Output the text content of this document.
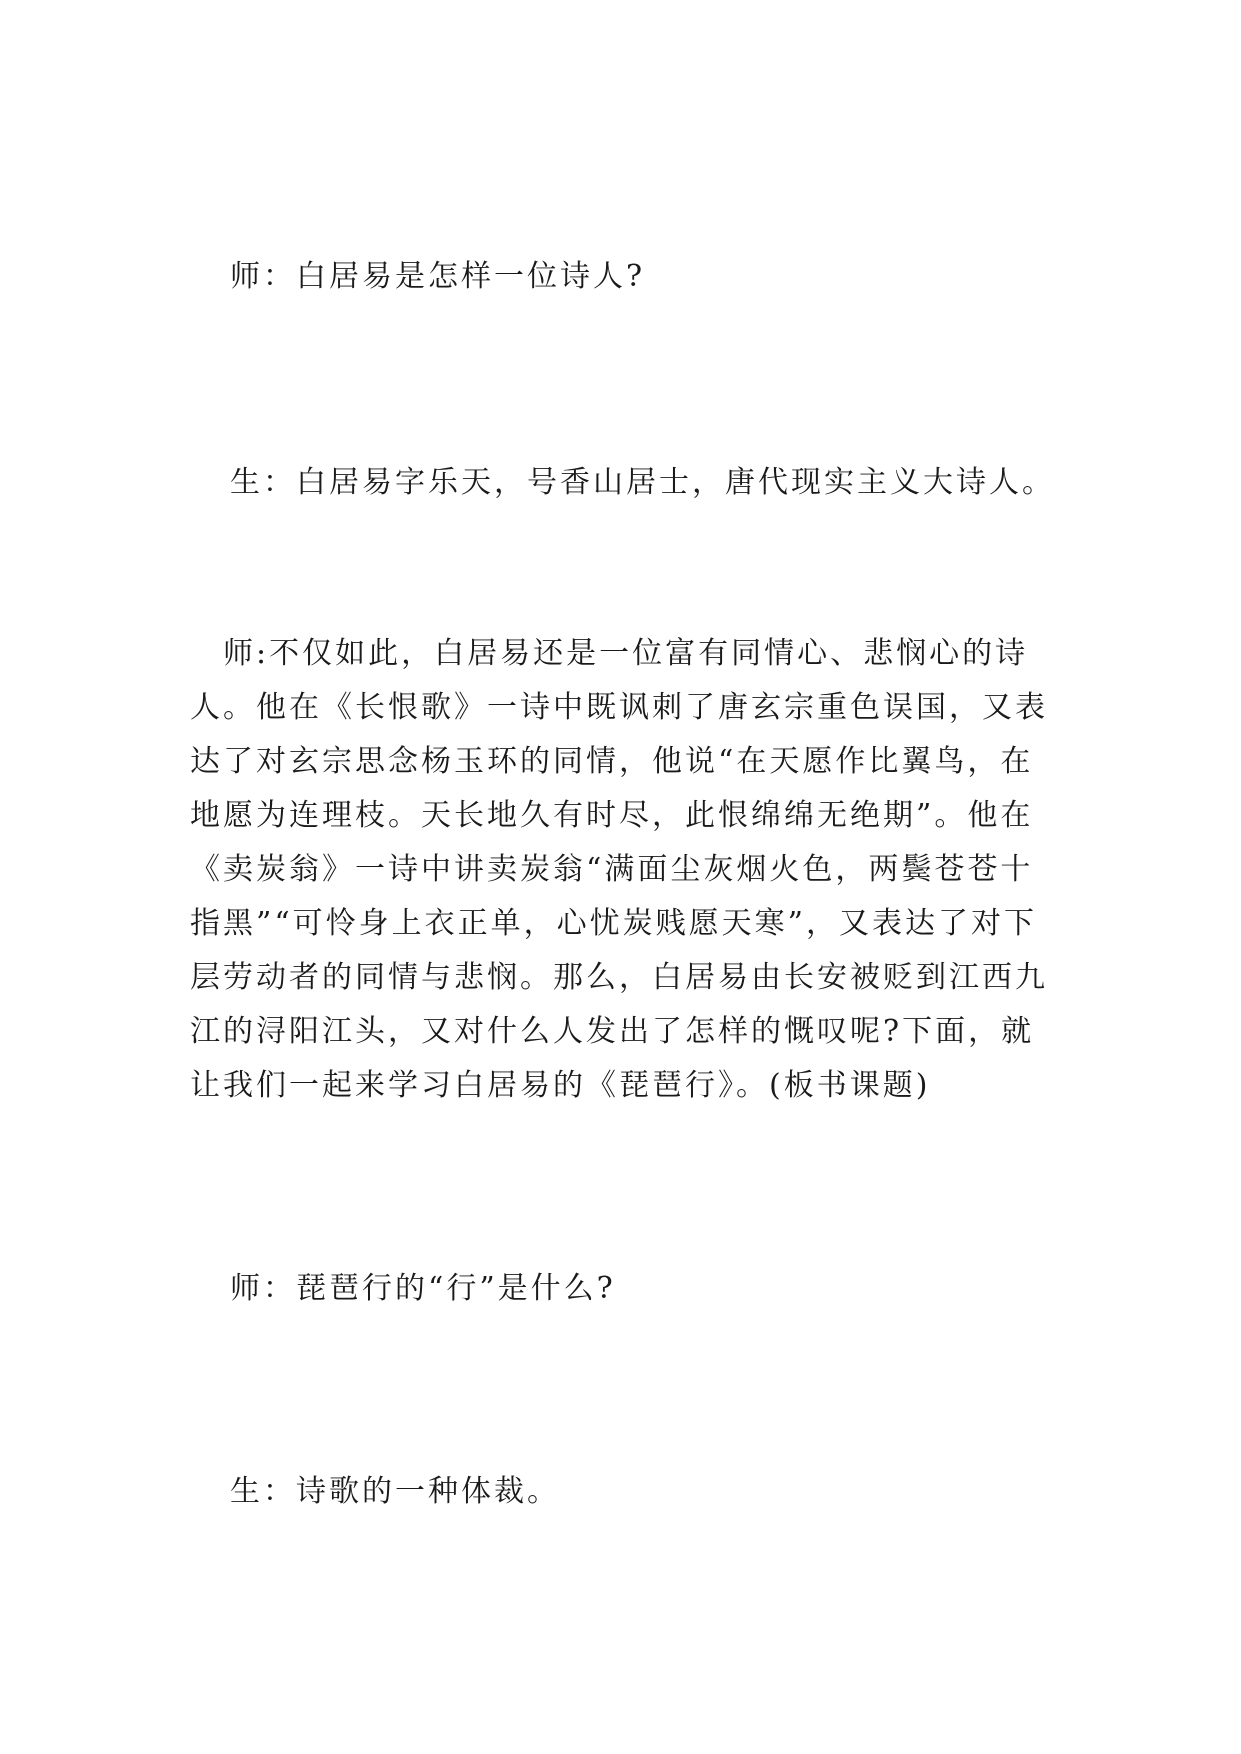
师：白居易是怎样一位诗人?
生：白居易字乐天，号香山居士，唐代现实主义大诗人。
　师:不仅如此，白居易还是一位富有同情心、悲悯心的诗
人。他在《长恨歌》一诗中既讽刺了唐玄宗重色误国，又表
达了对玄宗思念杨玉环的同情，他说“在天愿作比翼鸟，在
地愿为连理枝。天长地久有时尽，此恨绵绵无绝期”。他在
《卖炭翁》一诗中讲卖炭翁“满面尘灰烟火色，两鬓苍苍十
指黑”“可怜身上衣正单，心忧炭贱愿天寒”，又表达了对下
层劳动者的同情与悲悯。那么，白居易由长安被贬到江西九
江的浔阳江头，又对什么人发出了怎样的慨叹呢?下面，就
让我们一起来学习白居易的《琵琶行》。(板书课题)
师：琵琶行的“行”是什么?
生：诗歌的一种体裁。
